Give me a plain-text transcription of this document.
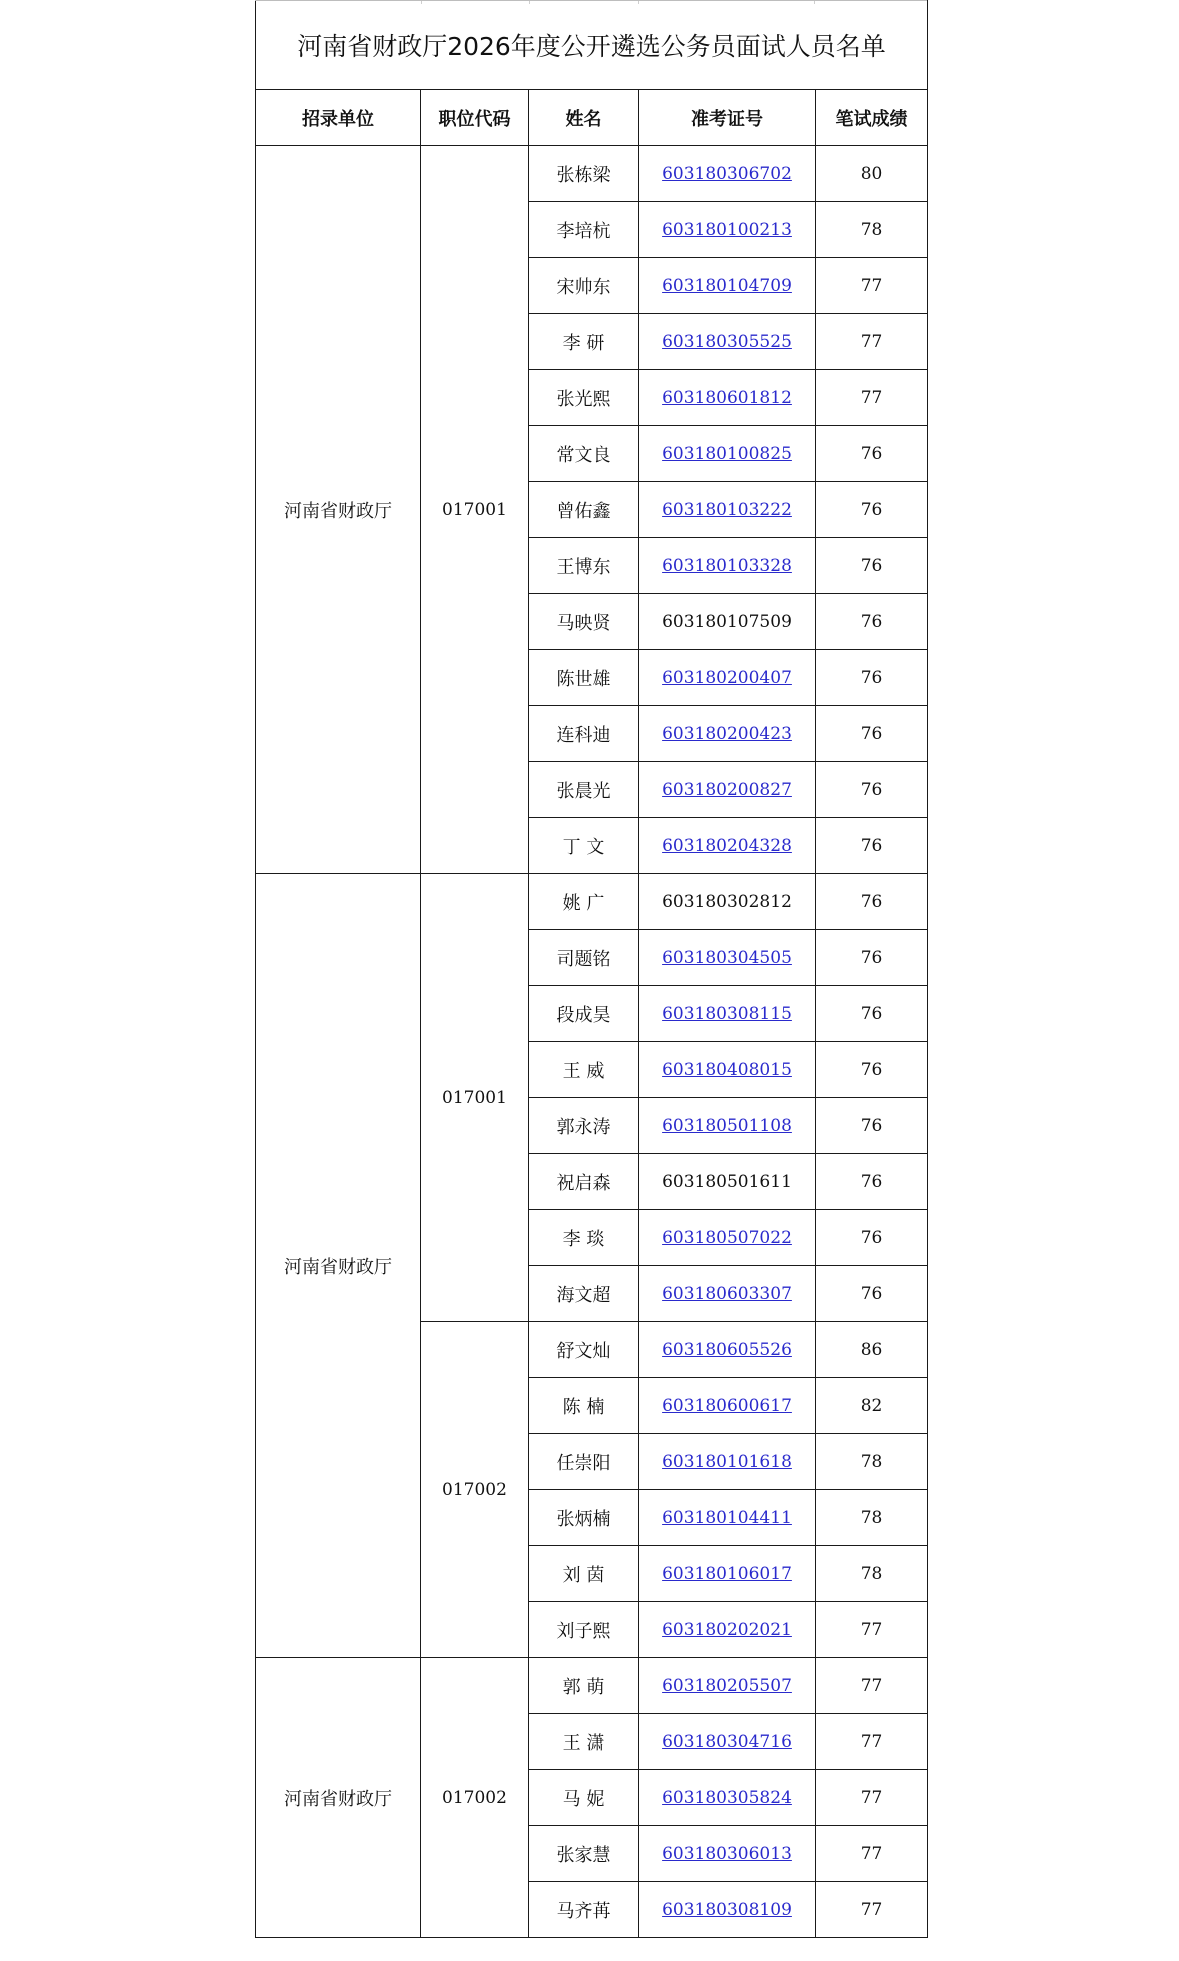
河南省财政厅2026年度公开遴选公务员面试人员名单				
招录单位	职位代码	姓名	准考证号	笔试成绩
河南省财政厅	017001	张栋梁	603180306702	80
		李培杭	603180100213	78
		宋帅东	603180104709	77
		李 研	603180305525	77
		张光熙	603180601812	77
		常文良	603180100825	76
		曾佑鑫	603180103222	76
		王博东	603180103328	76
		马映贤	603180107509	76
		陈世雄	603180200407	76
		连科迪	603180200423	76
		张晨光	603180200827	76
		丁 文	603180204328	76
河南省财政厅	017001	姚 广	603180302812	76
		司题铭	603180304505	76
		段成昊	603180308115	76
		王 威	603180408015	76
		郭永涛	603180501108	76
		祝启森	603180501611	76
		李 琰	603180507022	76
		海文超	603180603307	76
	017002	舒文灿	603180605526	86
		陈 楠	603180600617	82
		任崇阳	603180101618	78
		张炳楠	603180104411	78
		刘 茵	603180106017	78
		刘子熙	603180202021	77
河南省财政厅	017002	郭 萌	603180205507	77
		王 潇	603180304716	77
		马 妮	603180305824	77
		张家慧	603180306013	77
		马齐苒	603180308109	77
